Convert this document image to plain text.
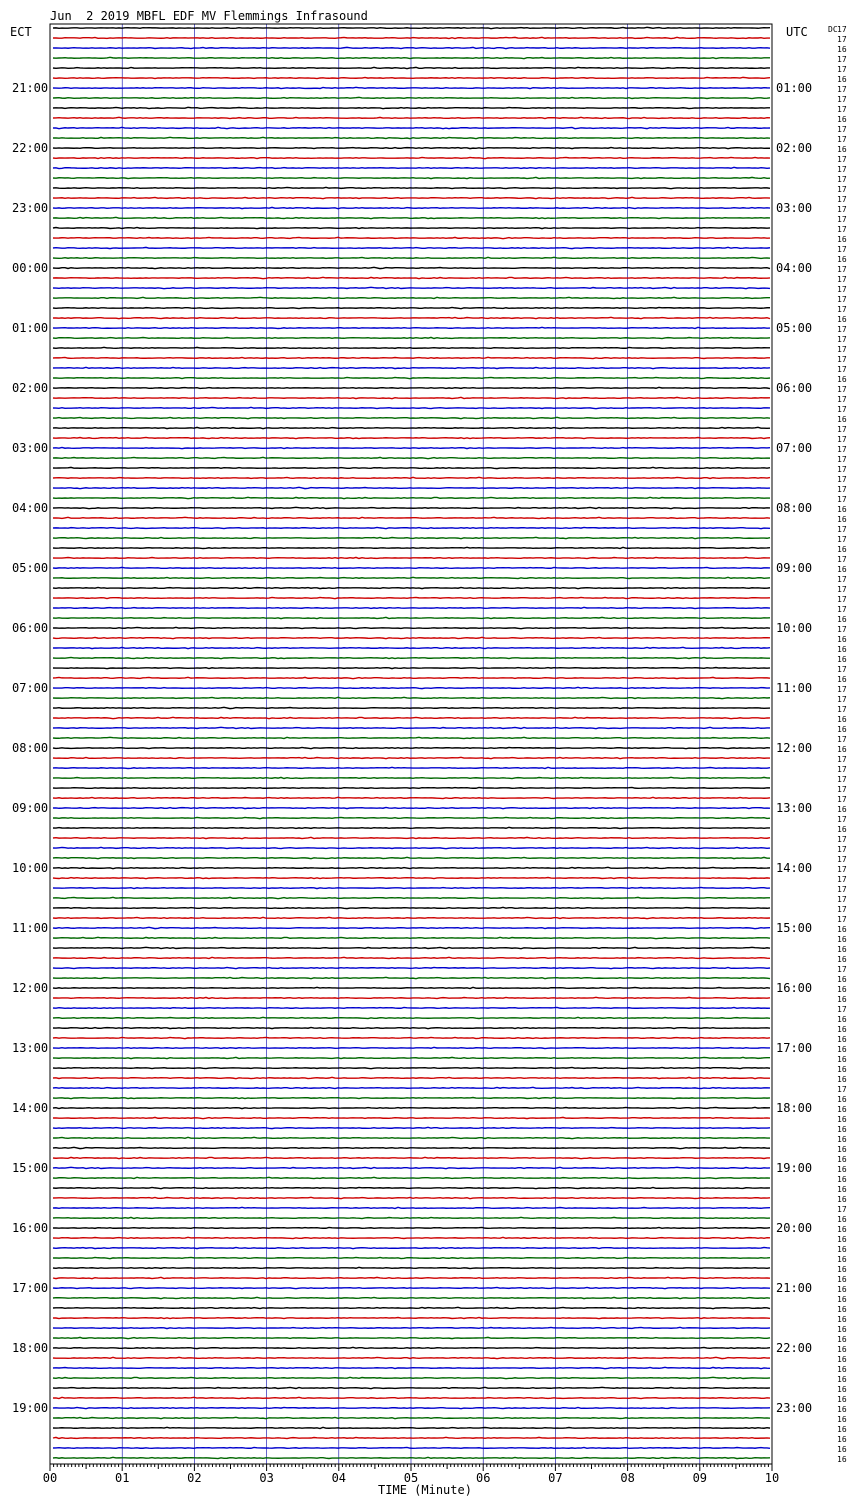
Jun  2 2019 MBFL EDF MV Flemmings Infrasound
ECT	UTC	DC
TIME (Minute)
00	01	02	03	04	05	06	07	08	09	10
21:00
22:00
23:00
00:00
01:00
02:00
03:00
04:00
05:00
06:00
07:00
08:00
09:00
10:00
11:00
12:00
13:00
14:00
15:00
16:00
17:00
18:00
19:00
01:00
02:00
03:00
04:00
05:00
06:00
07:00
08:00
09:00
10:00
11:00
12:00
13:00
14:00
15:00
16:00
17:00
18:00
19:00
20:00
21:00
22:00
23:00
17
17
16
17
17
16
17
17
17
16
17
17
16
17
17
17
17
17
17
17
17
16
17
16
17
17
17
17
17
16
17
17
17
17
17
16
17
17
17
16
17
17
17
17
17
17
17
17
16
16
17
17
16
17
16
17
17
17
17
16
17
16
16
16
17
16
17
17
17
16
16
17
16
17
17
17
17
17
16
17
16
17
17
17
17
17
17
17
17
17
16
16
16
16
17
16
16
16
17
16
16
16
16
16
16
16
17
16
16
16
16
16
16
16
16
16
16
16
17
16
16
16
16
16
16
16
16
16
16
16
16
16
16
16
16
16
16
16
16
16
16
16
16
16
